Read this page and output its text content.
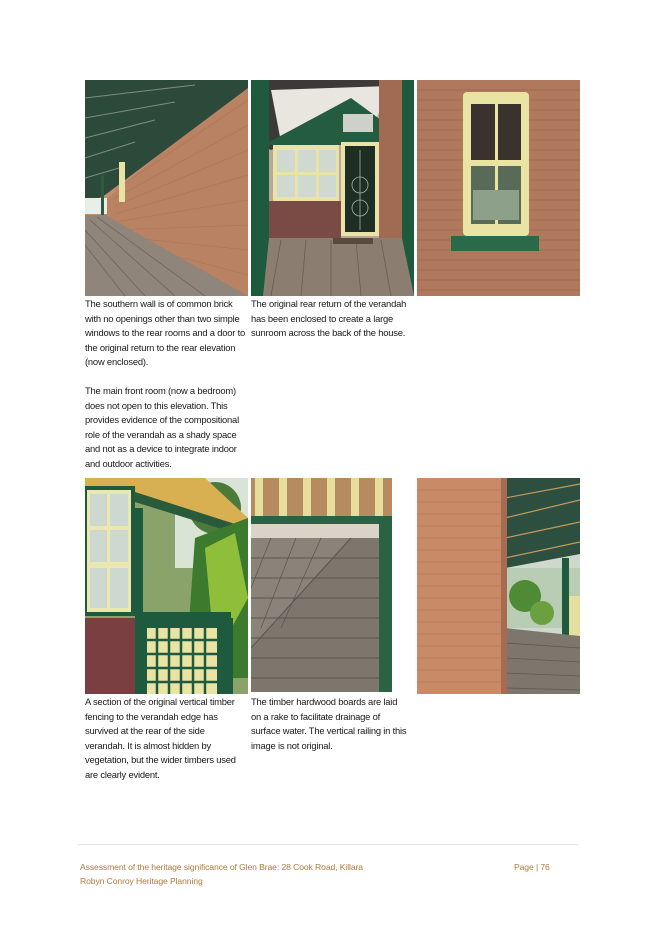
The southern wall is of common brick with no openings other than two simple windows to the rear rooms and a door to the original return to the rear elevation (now enclosed).

The main front room (now a bedroom) does not open to this elevation. This provides evidence of the compositional role of the verandah as a shady space and not as a device to integrate indoor and outdoor activities.

The original rear return of the verandah has been enclosed to create a large sunroom across the back of the house.

A section of the original vertical timber fencing to the verandah edge has survived at the rear of the side verandah. It is almost hidden by vegetation, but the wider timbers used are clearly evident.

The timber hardwood boards are laid on a rake to facilitate drainage of surface water. The vertical railing in this image is not original.

Assessment of the heritage significance of Glen Brae: 28 Cook Road, Killara
Robyn Conroy Heritage Planning
Page | 76
